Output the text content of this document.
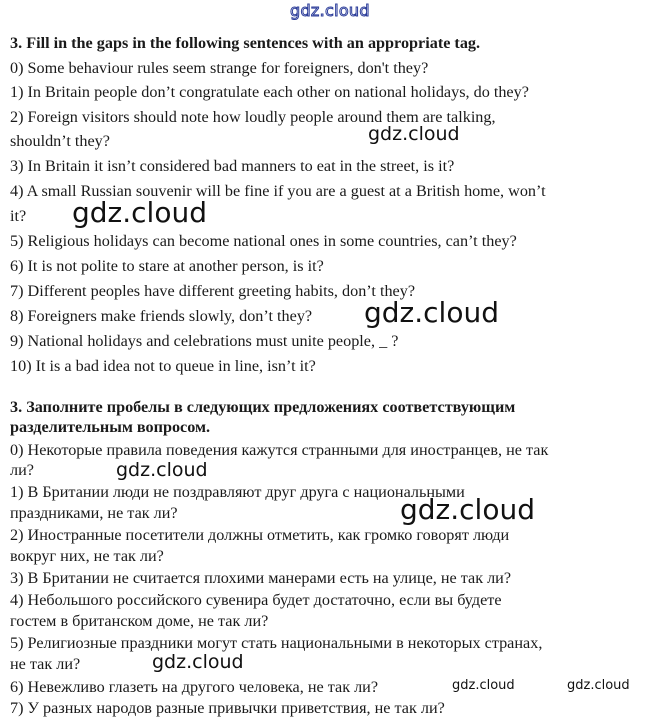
gdz.cloud
3. Fill in the gaps in the following sentences with an appropriate tag.
0) Some behaviour rules seem strange for foreigners, don't they?
1) In Britain people don’t congratulate each other on national holidays, do they?
2) Foreign visitors should note how loudly people around them are talking,
shouldn’t they?
3) In Britain it isn’t considered bad manners to eat in the street, is it?
4) A small Russian souvenir will be fine if you are a guest at a British home, won’t
it?
5) Religious holidays can become national ones in some countries, can’t they?
6) It is not polite to stare at another person, is it?
7) Different peoples have different greeting habits, don’t they?
8) Foreigners make friends slowly, don’t they?
9) National holidays and celebrations must unite people, _ ?
10) It is a bad idea not to queue in line, isn’t it?
3. Заполните пробелы в следующих предложениях соответствующим
разделительным вопросом.
0) Некоторые правила поведения кажутся странными для иностранцев, не так
ли?
1) В Британии люди не поздравляют друг друга с национальными
праздниками, не так ли?
2) Иностранные посетители должны отметить, как громко говорят люди
вокруг них, не так ли?
3) В Британии не считается плохими манерами есть на улице, не так ли?
4) Небольшого российского сувенира будет достаточно, если вы будете
гостем в британском доме, не так ли?
5) Религиозные праздники могут стать национальными в некоторых странах,
не так ли?
6) Невежливо глазеть на другого человека, не так ли?
7) У разных народов разные привычки приветствия, не так ли?
gdz.cloud
gdz.cloud
gdz.cloud
gdz.cloud
gdz.cloud
gdz.cloud
gdz.cloud	gdz.cloud
